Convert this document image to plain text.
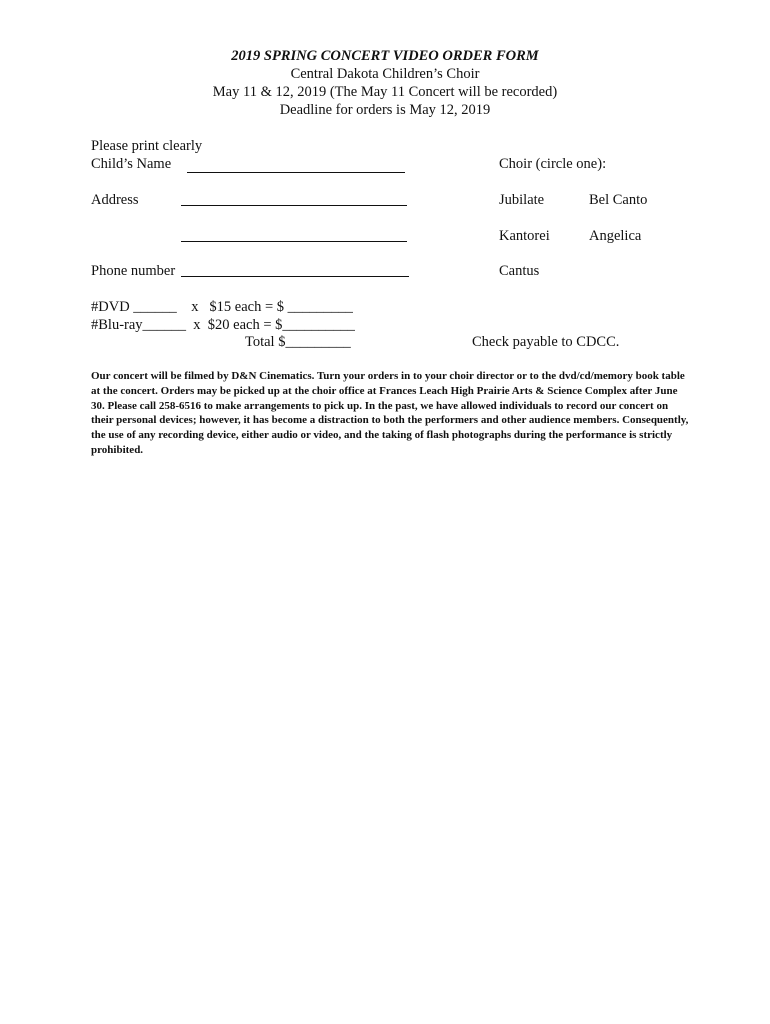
2019 SPRING CONCERT VIDEO ORDER FORM
Central Dakota Children’s Choir
May 11 & 12, 2019 (The May 11 Concert will be recorded)
Deadline for orders is May 12, 2019
Please print clearly
Child’s Name
Address
Phone number
Choir (circle one):
Jubilate	Bel Canto
Kantorei	Angelica
Cantus
#DVD ______    x   $15 each = $ _________
#Blu-ray______  x  $20 each = $__________
Total $_________	Check payable to CDCC.
Our concert will be filmed by D&N Cinematics. Turn your orders in to your choir director or to the dvd/cd/memory book table at the concert. Orders may be picked up at the choir office at Frances Leach High Prairie Arts & Science Complex after June 30. Please call 258-6516 to make arrangements to pick up. In the past, we have allowed individuals to record our concert on their personal devices; however, it has become a distraction to both the performers and other audience members. Consequently, the use of any recording device, either audio or video, and the taking of flash photographs during the performance is strictly prohibited.
